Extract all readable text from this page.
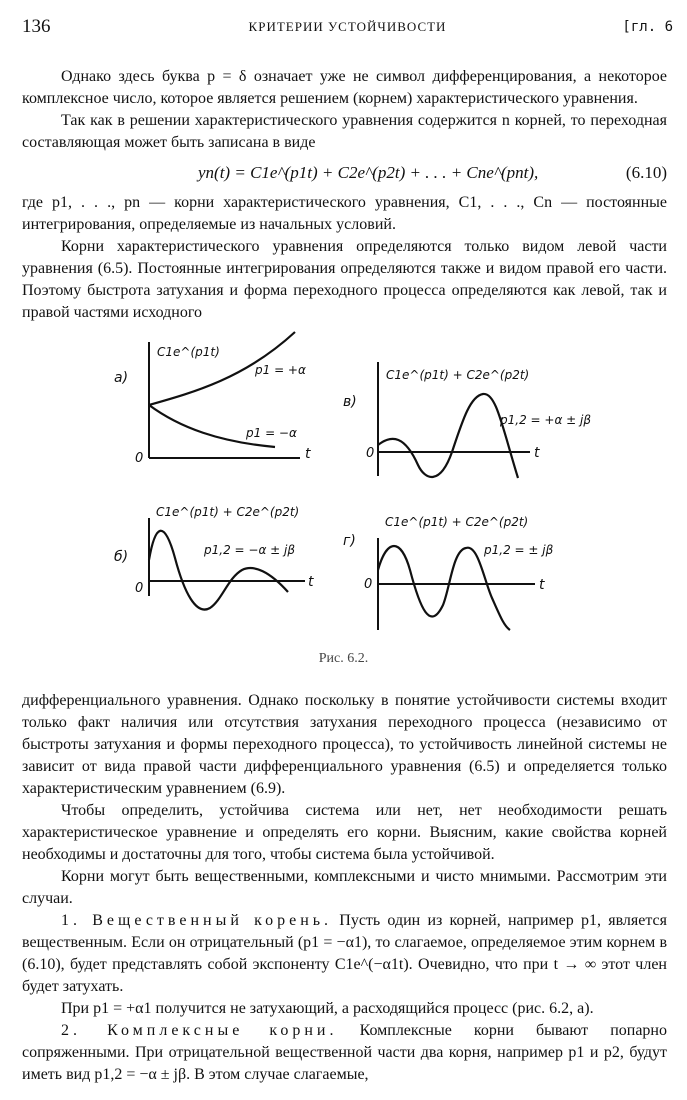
136	КРИТЕРИИ УСТОЙЧИВОСТИ	[гл. 6

Однако здесь буква p = δ означает уже не символ дифференцирования, а некоторое комплексное число, которое является решением (корнем) характеристического уравнения.

Так как в решении характеристического уравнения содержится n корней, то переходная составляющая может быть записана в виде

yn(t) = C1e^(p1t) + C2e^(p2t) + . . . + Cne^(pnt),	(6.10)

где p1, . . ., pn — корни характеристического уравнения, C1, . . ., Cn — постоянные интегрирования, определяемые из начальных условий.

Корни характеристического уравнения определяются только видом левой части уравнения (6.5). Постоянные интегрирования определяются также и видом правой его части. Поэтому быстрота затухания и форма переходного процесса определяются как левой, так и правой частями исходного

а)
C1e^(p1t)
p1 = +α
p1 = −α
0	t
в)
C1e^(p1t) + C2e^(p2t)
p1,2 = +α ± jβ
0	t
б)
C1e^(p1t) + C2e^(p2t)
p1,2 = −α ± jβ
0	t
г)
C1e^(p1t) + C2e^(p2t)
p1,2 = ± jβ
0	t
Рис. 6.2.

дифференциального уравнения. Однако поскольку в понятие устойчивости системы входит только факт наличия или отсутствия затухания переходного процесса (независимо от быстроты затухания и формы переходного процесса), то устойчивость линейной системы не зависит от вида правой части дифференциального уравнения (6.5) и определяется только характеристическим уравнением (6.9).

Чтобы определить, устойчива система или нет, нет необходимости решать характеристическое уравнение и определять его корни. Выясним, какие свойства корней необходимы и достаточны для того, чтобы система была устойчивой.

Корни могут быть вещественными, комплексными и чисто мнимыми. Рассмотрим эти случаи.

1. Вещественный корень. Пусть один из корней, например p1, является вещественным. Если он отрицательный (p1 = −α1), то слагаемое, определяемое этим корнем в (6.10), будет представлять собой экспоненту C1e^(−α1t). Очевидно, что при t → ∞ этот член будет затухать.

При p1 = +α1 получится не затухающий, а расходящийся процесс (рис. 6.2, а).

2. Комплексные корни. Комплексные корни бывают попарно сопряженными. При отрицательной вещественной части два корня, например p1 и p2, будут иметь вид p1,2 = −α ± jβ. В этом случае слагаемые,
